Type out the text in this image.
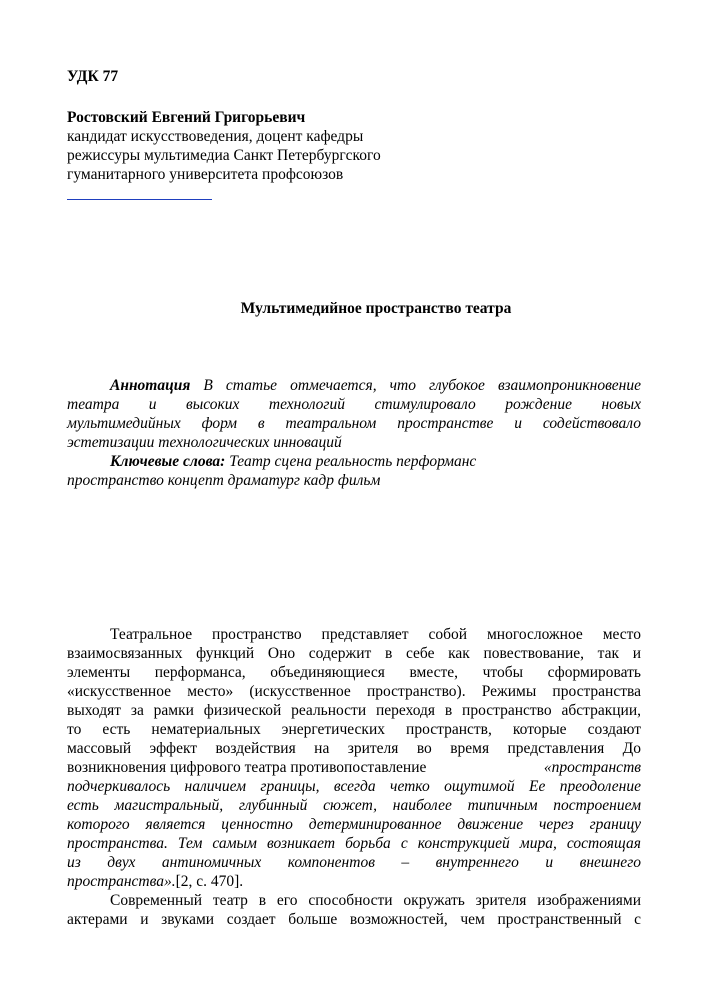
УДК 77
Ростовский Евгений Григорьевич
кандидат искусствоведения, доцент кафедры
режиссуры мультимедиа Санкт Петербургского
гуманитарного университета профсоюзов
Мультимедийное пространство театра
Аннотация В статье отмечается, что глубокое взаимопроникновение
театра и высоких технологий стимулировало рождение новых
мультимедийных форм в театральном пространстве и содействовало
эстетизации технологических инноваций
Ключевые слова: Театр сцена реальность перформанс
пространство концепт драматург кадр фильм
Театральное пространство представляет собой многосложное место
взаимосвязанных функций Оно содержит в себе как повествование, так и
элементы перформанса, объединяющиеся вместе, чтобы сформировать
«искусственное место» (искусственное пространство). Режимы пространства
выходят за рамки физической реальности переходя в пространство абстракции,
то есть нематериальных энергетических пространств, которые создают
массовый эффект воздействия на зрителя во время представления До
возникновения цифрового театра противопоставление	«пространств
подчеркивалось наличием границы, всегда четко ощутимой Ее преодоление
есть магистральный, глубинный сюжет, наиболее типичным построением
которого является ценностно детерминированное движение через границу
пространства. Тем самым возникает борьба с конструкцией мира, состоящая
из двух антиномичных компонентов – внутреннего и внешнего
пространства».[2, с. 470].
Современный театр в его способности окружать зрителя изображениями
актерами и звуками создает больше возможностей, чем пространственный с
